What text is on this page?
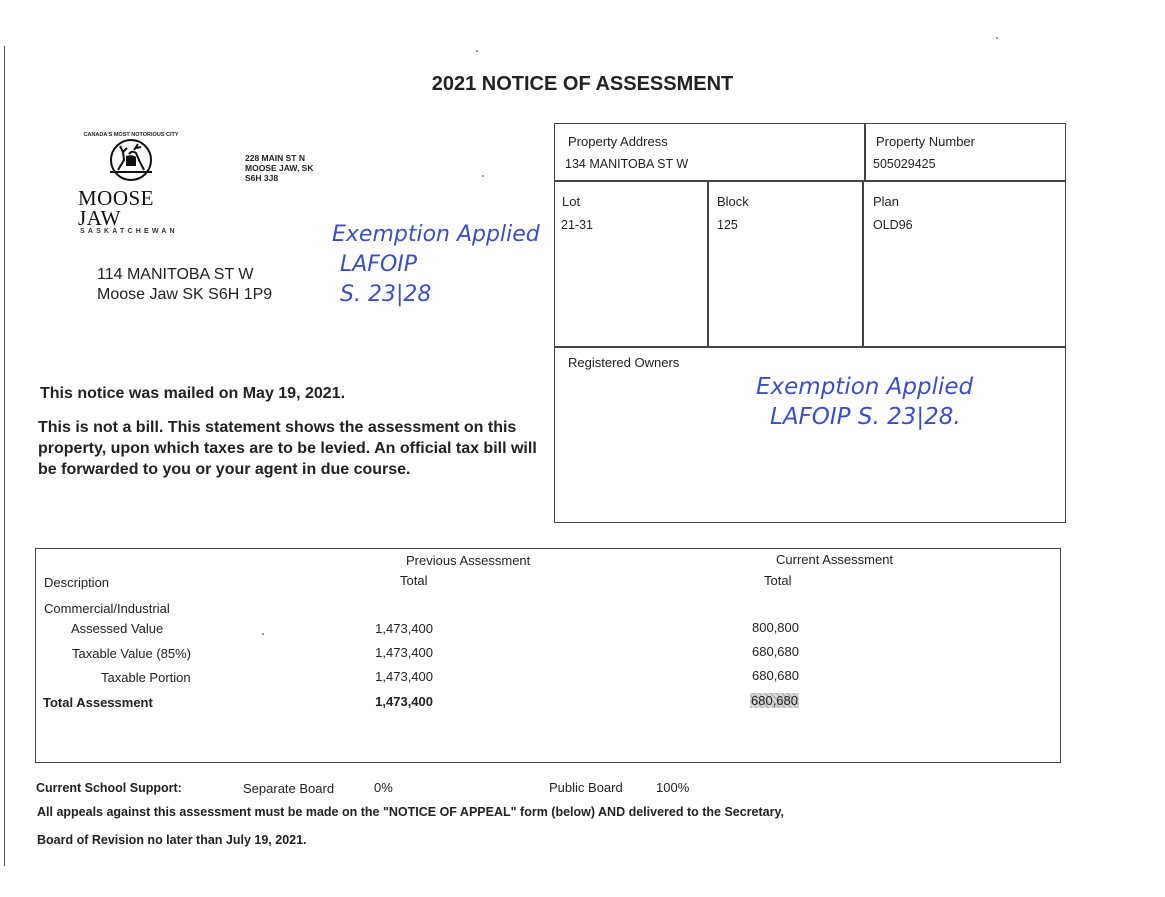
2021 NOTICE OF ASSESSMENT
CANADA'S MOST NOTORIOUS CITY
MOOSE JAW
SASKATCHEWAN
228 MAIN ST N
MOOSE JAW, SK
S6H 3J8
114 MANITOBA ST W
Moose Jaw SK S6H 1P9
Exemption Applied
LAFOIP
S. 23|28
This notice was mailed on May 19, 2021.
This is not a bill. This statement shows the assessment on this property, upon which taxes are to be levied. An official tax bill will be forwarded to you or your agent in due course.
Property Address
134 MANITOBA ST W
Property Number
505029425
Lot
21-31
Block
125
Plan
OLD96
Registered Owners
Exemption Applied
LAFOIP S. 23|28.
Previous Assessment	Current Assessment
Description	Total	Total
Commercial/Industrial
Assessed Value	1,473,400	800,800
Taxable Value (85%)	1,473,400	680,680
Taxable Portion	1,473,400	680,680
Total Assessment	1,473,400	680,680
Current School Support:	Separate Board	0%	Public Board	100%
All appeals against this assessment must be made on the "NOTICE OF APPEAL" form (below) AND delivered to the Secretary,
Board of Revision no later than July 19, 2021.
